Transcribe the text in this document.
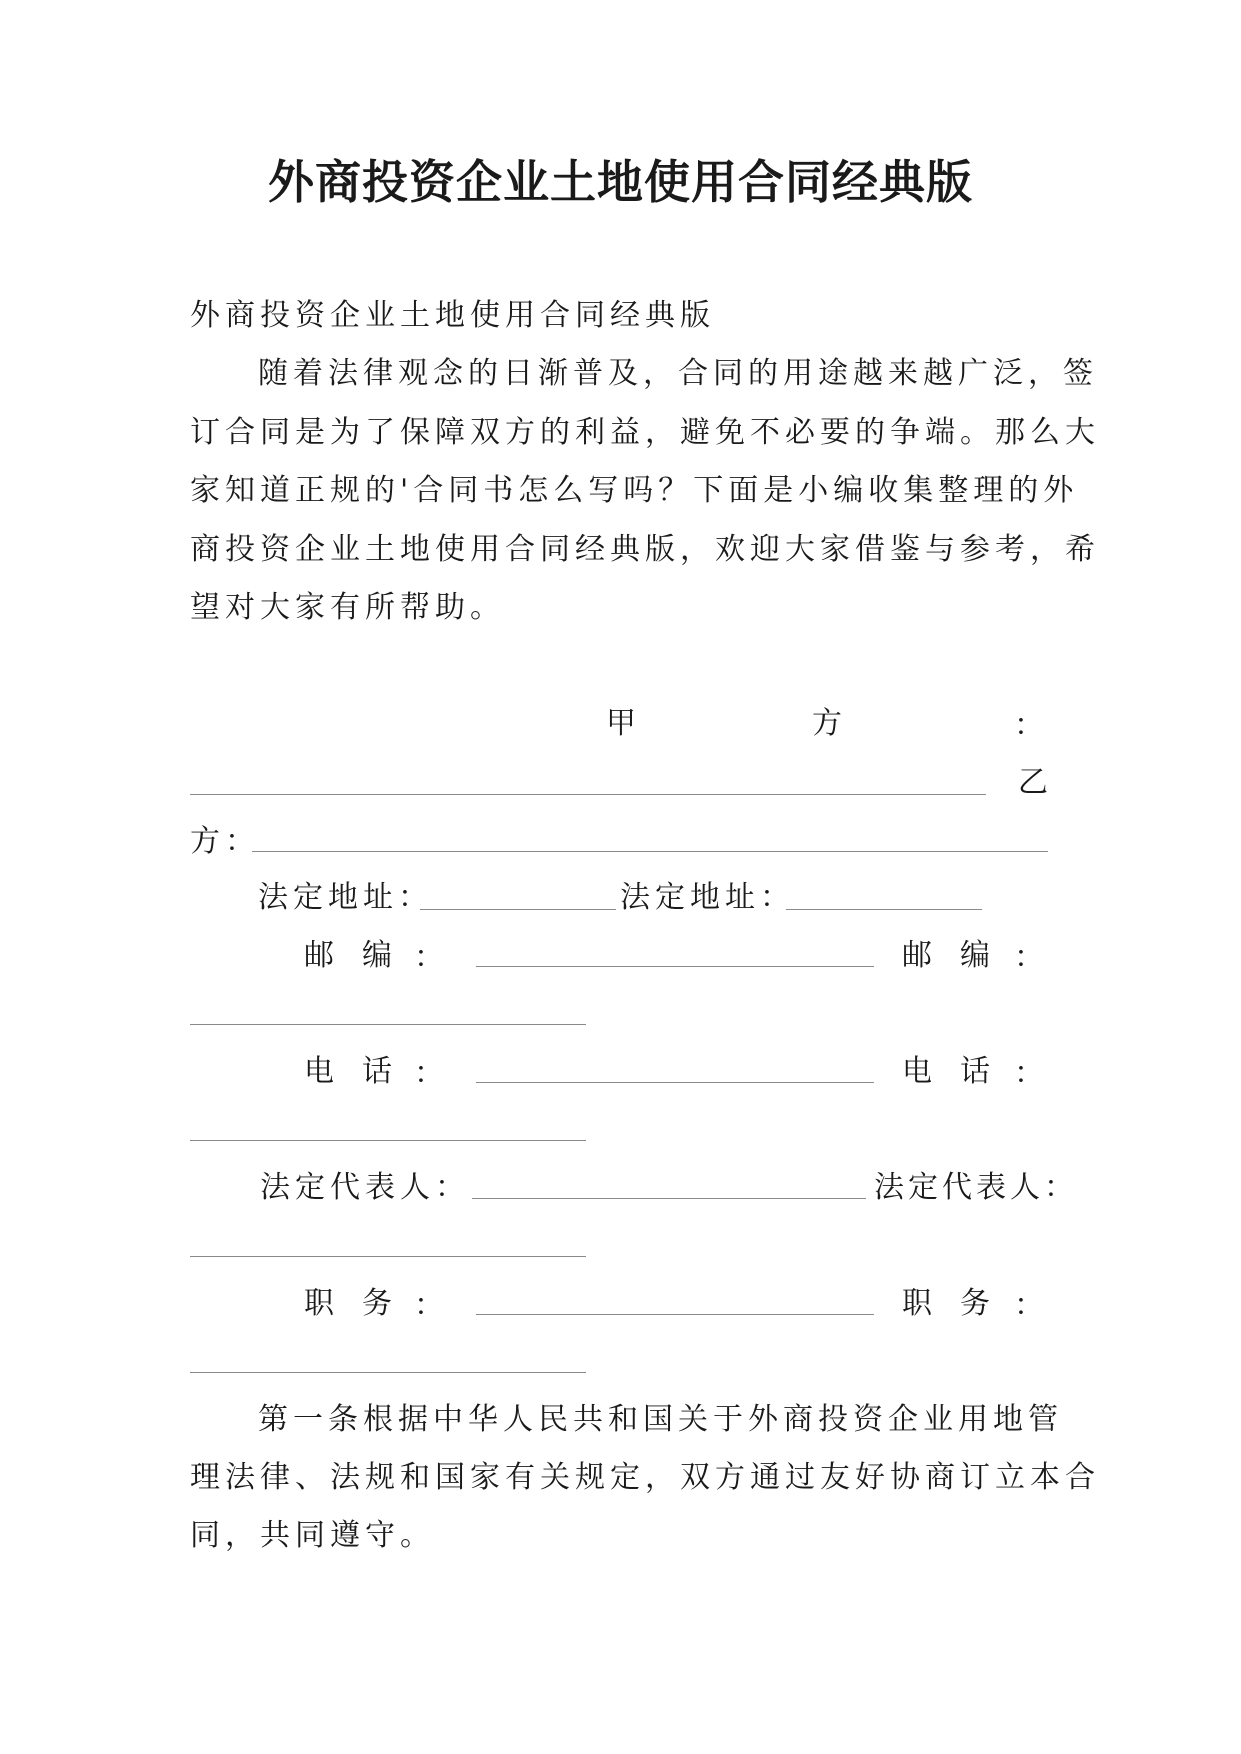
外商投资企业土地使用合同经典版
外商投资企业土地使用合同经典版
随着法律观念的日渐普及，合同的用途越来越广泛，签
订合同是为了保障双方的利益，避免不必要的争端。那么大
家知道正规的'合同书怎么写吗？下面是小编收集整理的外
商投资企业土地使用合同经典版，欢迎大家借鉴与参考，希
望对大家有所帮助。
甲	方	：
乙
方：
法定地址：	法定地址：
邮 编 ：	邮 编 ：
电 话 ：	电 话 ：
法定代表人：	法定代表人：
职 务 ：	职 务 ：
第一条根据中华人民共和国关于外商投资企业用地管
理法律、法规和国家有关规定，双方通过友好协商订立本合
同，共同遵守。
